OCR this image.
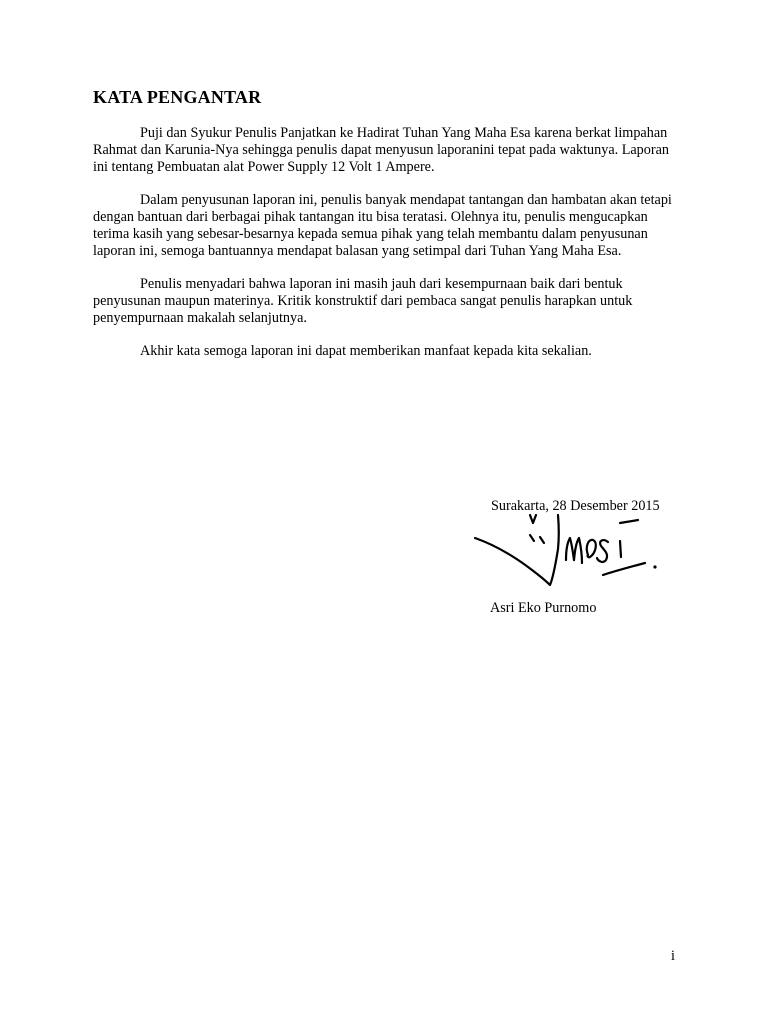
KATA PENGANTAR

Puji dan Syukur Penulis Panjatkan ke Hadirat Tuhan Yang Maha Esa karena berkat limpahan Rahmat dan Karunia-Nya sehingga penulis dapat menyusun laporanini tepat pada waktunya. Laporan ini tentang Pembuatan alat Power Supply 12 Volt 1 Ampere.

Dalam penyusunan laporan ini, penulis banyak mendapat tantangan dan hambatan akan tetapi dengan bantuan dari berbagai pihak tantangan itu bisa teratasi. Olehnya itu, penulis mengucapkan terima kasih yang sebesar-besarnya kepada semua pihak yang telah membantu dalam penyusunan laporan ini, semoga bantuannya mendapat balasan yang setimpal dari Tuhan Yang Maha Esa.

Penulis menyadari bahwa laporan ini masih jauh dari kesempurnaan baik dari bentuk penyusunan maupun materinya. Kritik konstruktif dari pembaca sangat penulis harapkan untuk penyempurnaan makalah selanjutnya.

Akhir kata semoga laporan ini dapat memberikan manfaat kepada kita sekalian.

Surakarta, 28 Desember 2015

Asri Eko Purnomo

i
